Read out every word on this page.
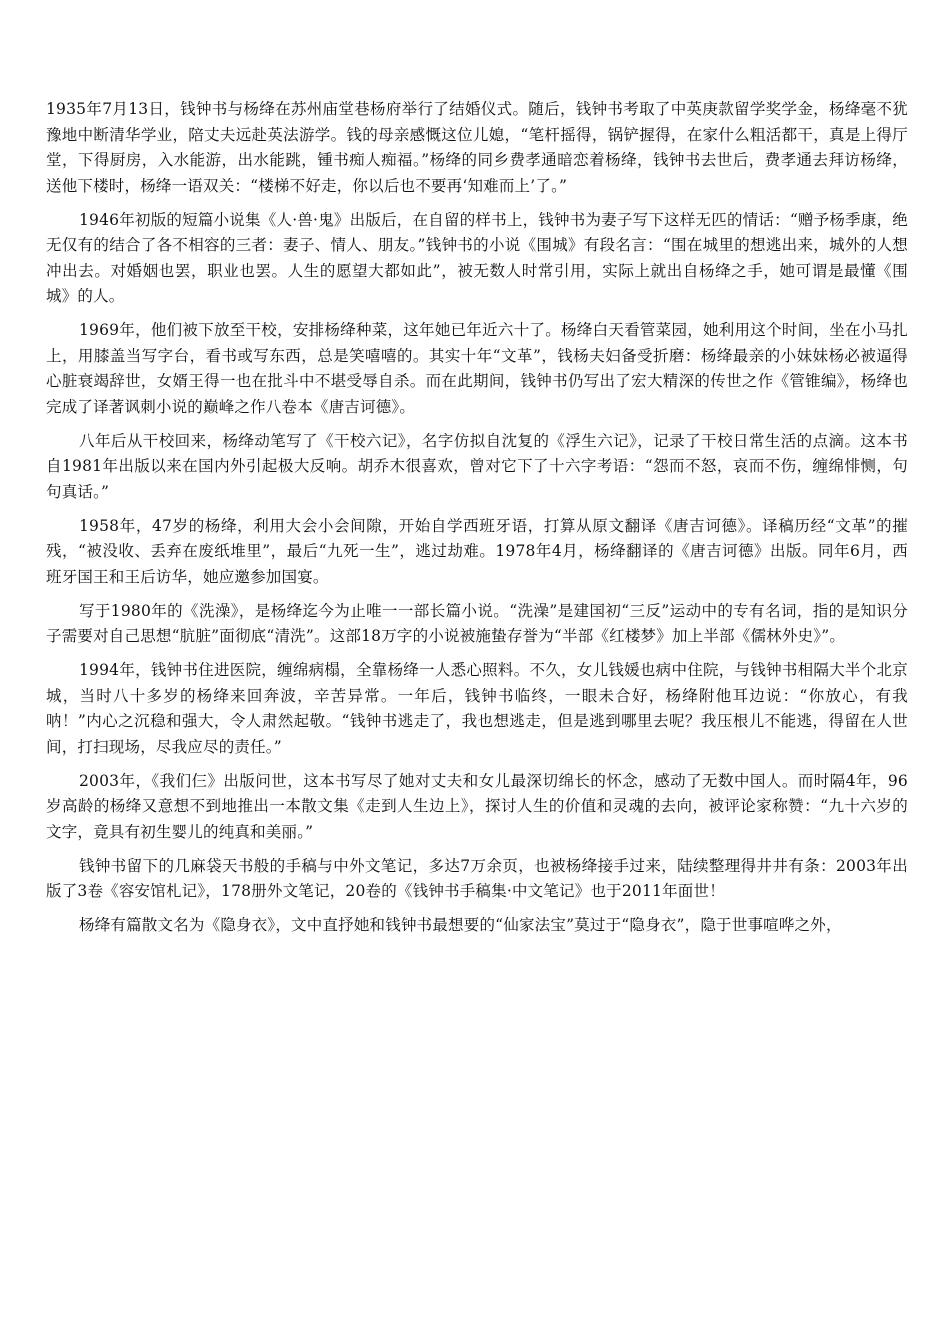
1935年7月13日，钱钟书与杨绛在苏州庙堂巷杨府举行了结婚仪式。随后，钱钟书考取了中英庚款留学奖学金，杨绛毫不犹豫地中断清华学业，陪丈夫远赴英法游学。钱的母亲感慨这位儿媳，“笔杆摇得，锅铲握得，在家什么粗活都干，真是上得厅堂，下得厨房，入水能游，出水能跳，锺书痴人痴福。”杨绛的同乡费孝通暗恋着杨绛，钱钟书去世后，费孝通去拜访杨绛，送他下楼时，杨绛一语双关：“楼梯不好走，你以后也不要再‘知难而上’了。”

1946年初版的短篇小说集《人·兽·鬼》出版后，在自留的样书上，钱钟书为妻子写下这样无匹的情话：“赠予杨季康，绝无仅有的结合了各不相容的三者：妻子、情人、朋友。”钱钟书的小说《围城》有段名言：“围在城里的想逃出来，城外的人想冲出去。对婚姻也罢，职业也罢。人生的愿望大都如此”，被无数人时常引用，实际上就出自杨绛之手，她可谓是最懂《围城》的人。

1969年，他们被下放至干校，安排杨绛种菜，这年她已年近六十了。杨绛白天看管菜园，她利用这个时间，坐在小马扎上，用膝盖当写字台，看书或写东西，总是笑嘻嘻的。其实十年“文革”，钱杨夫妇备受折磨：杨绛最亲的小妹妹杨必被逼得心脏衰竭辞世，女婿王得一也在批斗中不堪受辱自杀。而在此期间，钱钟书仍写出了宏大精深的传世之作《管锥编》，杨绛也完成了译著讽刺小说的巅峰之作八卷本《唐吉诃德》。

八年后从干校回来，杨绛动笔写了《干校六记》，名字仿拟自沈复的《浮生六记》，记录了干校日常生活的点滴。这本书自1981年出版以来在国内外引起极大反响。胡乔木很喜欢，曾对它下了十六字考语：“怨而不怒，哀而不伤，缠绵悱恻，句句真话。”

1958年，47岁的杨绛，利用大会小会间隙，开始自学西班牙语，打算从原文翻译《唐吉诃德》。译稿历经“文革”的摧残，“被没收、丢弃在废纸堆里”，最后“九死一生”，逃过劫难。1978年4月，杨绛翻译的《唐吉诃德》出版。同年6月，西班牙国王和王后访华，她应邀参加国宴。

写于1980年的《洗澡》，是杨绛迄今为止唯一一部长篇小说。“洗澡”是建国初“三反”运动中的专有名词，指的是知识分子需要对自己思想“肮脏”面彻底“清洗”。这部18万字的小说被施蛰存誉为“半部《红楼梦》加上半部《儒林外史》”。

1994年，钱钟书住进医院，缠绵病榻，全靠杨绛一人悉心照料。不久，女儿钱媛也病中住院，与钱钟书相隔大半个北京城，当时八十多岁的杨绛来回奔波，辛苦异常。一年后，钱钟书临终，一眼未合好，杨绛附他耳边说：“你放心，有我呐！”内心之沉稳和强大，令人肃然起敬。“钱钟书逃走了，我也想逃走，但是逃到哪里去呢？我压根儿不能逃，得留在人世间，打扫现场，尽我应尽的责任。”

2003年，《我们仨》出版问世，这本书写尽了她对丈夫和女儿最深切绵长的怀念，感动了无数中国人。而时隔4年，96岁高龄的杨绛又意想不到地推出一本散文集《走到人生边上》，探讨人生的价值和灵魂的去向，被评论家称赞：“九十六岁的文字，竟具有初生婴儿的纯真和美丽。”

钱钟书留下的几麻袋天书般的手稿与中外文笔记，多达7万余页，也被杨绛接手过来，陆续整理得井井有条：2003年出版了3卷《容安馆札记》，178册外文笔记，20卷的《钱钟书手稿集·中文笔记》也于2011年面世！

杨绛有篇散文名为《隐身衣》，文中直抒她和钱钟书最想要的“仙家法宝”莫过于“隐身衣”，隐于世事喧哗之外，
